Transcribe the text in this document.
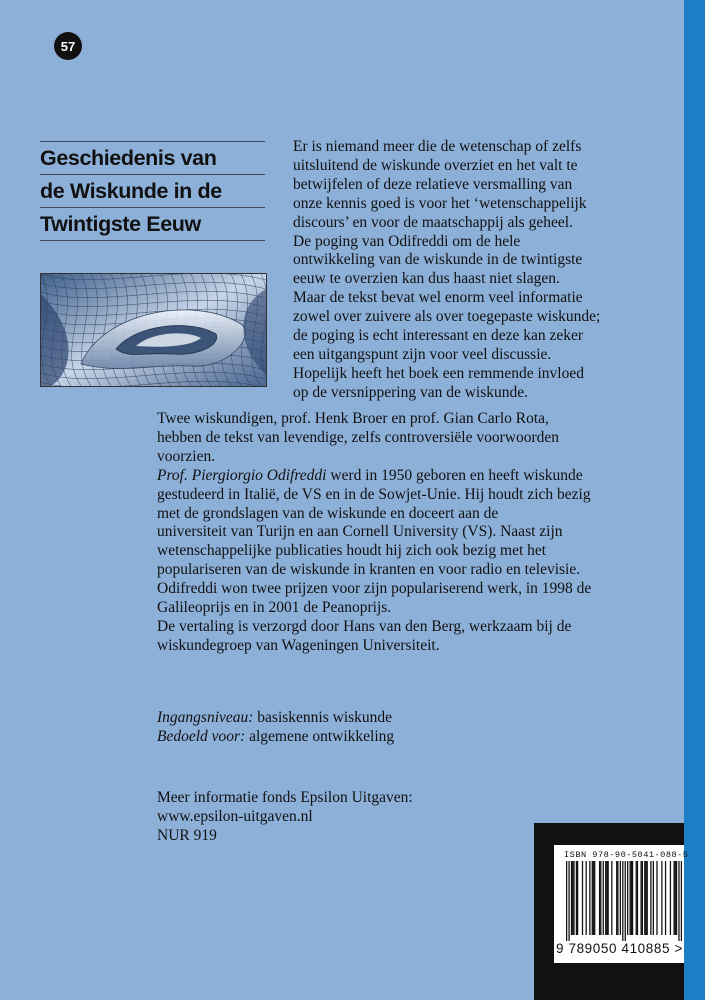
57
Geschiedenis van
de Wiskunde in de
Twintigste Eeuw
Er is niemand meer die de wetenschap of zelfs
uitsluitend de wiskunde overziet en het valt te
betwijfelen of deze relatieve versmalling van
onze kennis goed is voor het ‘wetenschappelijk
discours’ en voor de maatschappij als geheel.
De poging van Odifreddi om de hele
ontwikkeling van de wiskunde in de twintigste
eeuw te overzien kan dus haast niet slagen.
Maar de tekst bevat wel enorm veel informatie
zowel over zuivere als over toegepaste wiskunde;
de poging is echt interessant en deze kan zeker
een uitgangspunt zijn voor veel discussie.
Hopelijk heeft het boek een remmende invloed
op de versnippering van de wiskunde.
Twee wiskundigen, prof. Henk Broer en prof. Gian Carlo Rota,
hebben de tekst van levendige, zelfs controversiële voorwoorden
voorzien.
Prof. Piergiorgio Odifreddi werd in 1950 geboren en heeft wiskunde
gestudeerd in Italië, de VS en in de Sowjet-Unie. Hij houdt zich bezig
met de grondslagen van de wiskunde en doceert aan de
universiteit van Turijn en aan Cornell University (VS). Naast zijn
wetenschappelijke publicaties houdt hij zich ook bezig met het
populariseren van de wiskunde in kranten en voor radio en televisie.
Odifreddi won twee prijzen voor zijn populariserend werk, in 1998 de
Galileoprijs en in 2001 de Peanoprijs.
De vertaling is verzorgd door Hans van den Berg, werkzaam bij de
wiskundegroep van Wageningen Universiteit.
Ingangsniveau: basiskennis wiskunde
Bedoeld voor: algemene ontwikkeling
Meer informatie fonds Epsilon Uitgaven:
www.epsilon-uitgaven.nl
NUR 919
ISBN 978-90-5041-088-5
9 789050 410885 >
